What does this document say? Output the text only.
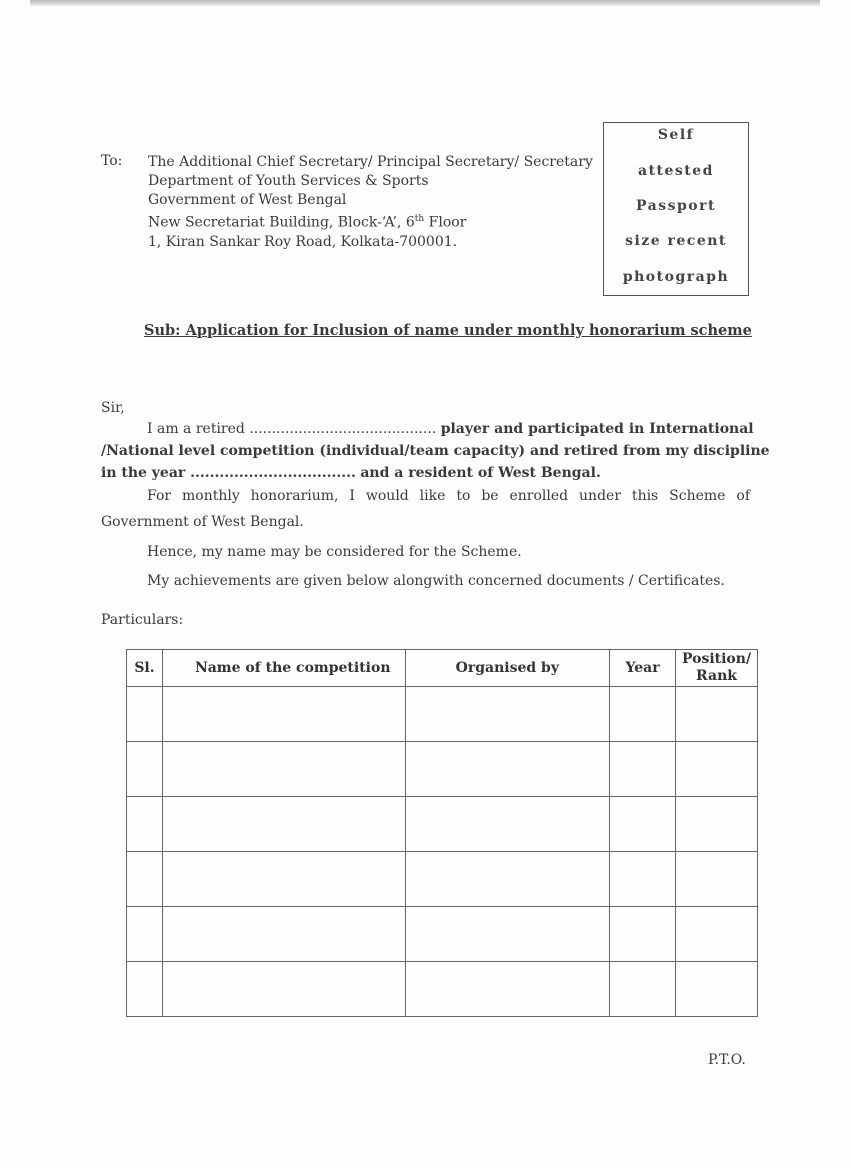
To: The Additional Chief Secretary/ Principal Secretary/ Secretary
Department of Youth Services & Sports
Government of West Bengal
New Secretariat Building, Block-‘A’, 6th Floor
1, Kiran Sankar Roy Road, Kolkata-700001.
Self
attested
Passport
size recent
photograph
Sub: Application for Inclusion of name under monthly honorarium scheme
Sir,
I am a retired .......................................... player and participated in International
/National level competition (individual/team capacity) and retired from my discipline
in the year .................................. and a resident of West Bengal.
For monthly honorarium, I would like to be enrolled under this Scheme of
Government of West Bengal.
Hence, my name may be considered for the Scheme.
My achievements are given below alongwith concerned documents / Certificates.
Particulars:
Sl.	Name of the competition	Organised by	Year	Position/
Rank

P.T.O.
